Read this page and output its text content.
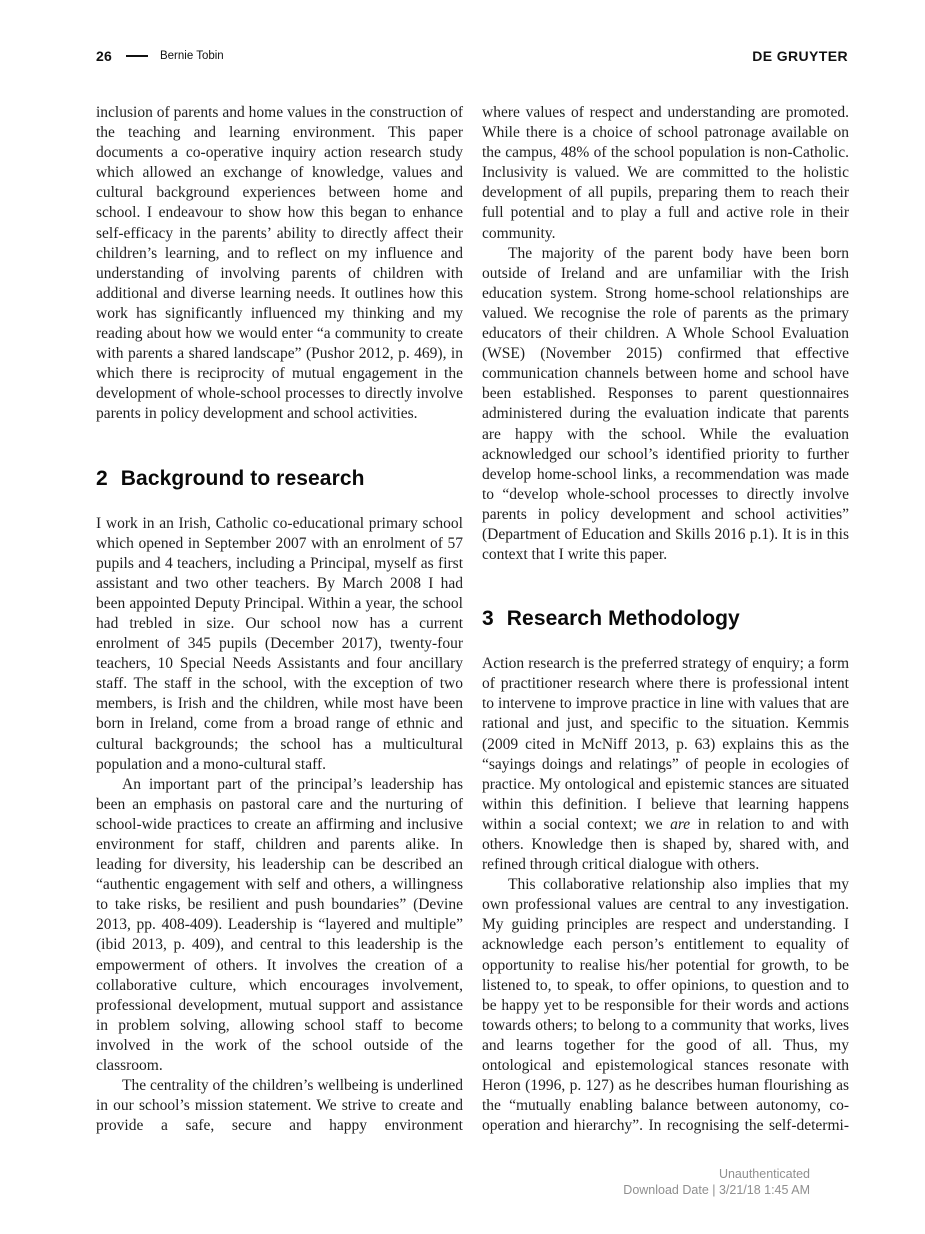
26	Bernie Tobin	DE GRUYTER

inclusion of parents and home values in the construction of the teaching and learning environment. This paper documents a co-operative inquiry action research study which allowed an exchange of knowledge, values and cultural background experiences between home and school. I endeavour to show how this began to enhance self-efficacy in the parents’ ability to directly affect their children’s learning, and to reflect on my influence and understanding of involving parents of children with additional and diverse learning needs. It outlines how this work has significantly influenced my thinking and my reading about how we would enter “a community to create with parents a shared landscape” (Pushor 2012, p. 469), in which there is reciprocity of mutual engagement in the development of whole-school processes to directly involve parents in policy development and school activities.

2 Background to research

I work in an Irish, Catholic co-educational primary school which opened in September 2007 with an enrolment of 57 pupils and 4 teachers, including a Principal, myself as first assistant and two other teachers. By March 2008 I had been appointed Deputy Principal. Within a year, the school had trebled in size. Our school now has a current enrolment of 345 pupils (December 2017), twenty-four teachers, 10 Special Needs Assistants and four ancillary staff. The staff in the school, with the exception of two members, is Irish and the children, while most have been born in Ireland, come from a broad range of ethnic and cultural backgrounds; the school has a multicultural population and a mono-cultural staff.

An important part of the principal’s leadership has been an emphasis on pastoral care and the nurturing of school-wide practices to create an affirming and inclusive environment for staff, children and parents alike. In leading for diversity, his leadership can be described an “authentic engagement with self and others, a willingness to take risks, be resilient and push boundaries” (Devine 2013, pp. 408-409). Leadership is “layered and multiple” (ibid 2013, p. 409), and central to this leadership is the empowerment of others. It involves the creation of a collaborative culture, which encourages involvement, professional development, mutual support and assistance in problem solving, allowing school staff to become involved in the work of the school outside of the classroom.

The centrality of the children’s wellbeing is underlined in our school’s mission statement. We strive to create and provide a safe, secure and happy environment

where values of respect and understanding are promoted. While there is a choice of school patronage available on the campus, 48% of the school population is non-Catholic. Inclusivity is valued. We are committed to the holistic development of all pupils, preparing them to reach their full potential and to play a full and active role in their community.

The majority of the parent body have been born outside of Ireland and are unfamiliar with the Irish education system. Strong home-school relationships are valued. We recognise the role of parents as the primary educators of their children. A Whole School Evaluation (WSE) (November 2015) confirmed that effective communication channels between home and school have been established. Responses to parent questionnaires administered during the evaluation indicate that parents are happy with the school. While the evaluation acknowledged our school’s identified priority to further develop home-school links, a recommendation was made to “develop whole-school processes to directly involve parents in policy development and school activities” (Department of Education and Skills 2016 p.1). It is in this context that I write this paper.

3 Research Methodology

Action research is the preferred strategy of enquiry; a form of practitioner research where there is professional intent to intervene to improve practice in line with values that are rational and just, and specific to the situation. Kemmis (2009 cited in McNiff 2013, p. 63) explains this as the “sayings doings and relatings” of people in ecologies of practice. My ontological and epistemic stances are situated within this definition. I believe that learning happens within a social context; we are in relation to and with others. Knowledge then is shaped by, shared with, and refined through critical dialogue with others.

This collaborative relationship also implies that my own professional values are central to any investigation. My guiding principles are respect and understanding. I acknowledge each person’s entitlement to equality of opportunity to realise his/her potential for growth, to be listened to, to speak, to offer opinions, to question and to be happy yet to be responsible for their words and actions towards others; to belong to a community that works, lives and learns together for the good of all. Thus, my ontological and epistemological stances resonate with Heron (1996, p. 127) as he describes human flourishing as the “mutually enabling balance between autonomy, co-operation and hierarchy”. In recognising the self-determi-

Unauthenticated
Download Date | 3/21/18 1:45 AM
